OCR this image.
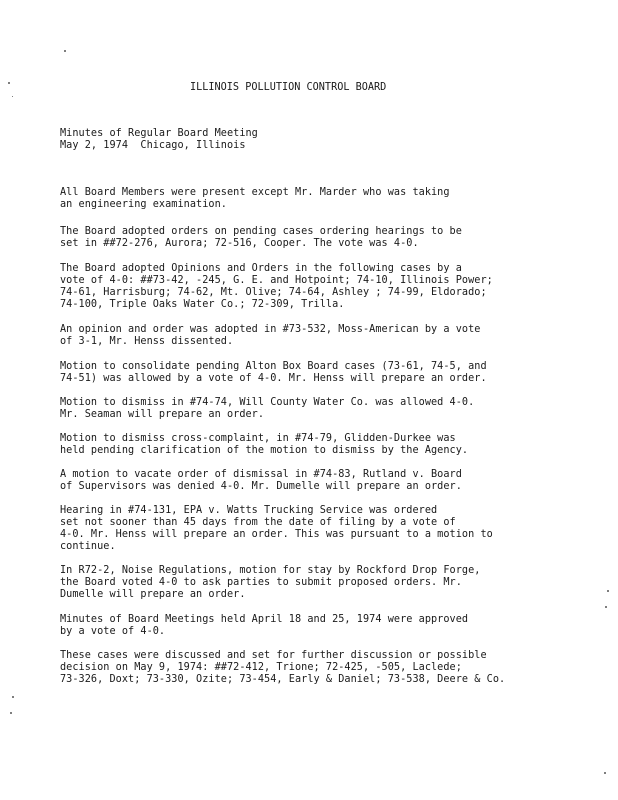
ILLINOIS POLLUTION CONTROL BOARD
Minutes of Regular Board Meeting
May 2, 1974  Chicago, Illinois
All Board Members were present except Mr. Marder who was taking
an engineering examination.
The Board adopted orders on pending cases ordering hearings to be
set in ##72-276, Aurora; 72-516, Cooper. The vote was 4-0.
The Board adopted Opinions and Orders in the following cases by a
vote of 4-0: ##73-42, -245, G. E. and Hotpoint; 74-10, Illinois Power;
74-61, Harrisburg; 74-62, Mt. Olive; 74-64, Ashley ; 74-99, Eldorado;
74-100, Triple Oaks Water Co.; 72-309, Trilla.
An opinion and order was adopted in #73-532, Moss-American by a vote
of 3-1, Mr. Henss dissented.
Motion to consolidate pending Alton Box Board cases (73-61, 74-5, and
74-51) was allowed by a vote of 4-0. Mr. Henss will prepare an order.
Motion to dismiss in #74-74, Will County Water Co. was allowed 4-0.
Mr. Seaman will prepare an order.
Motion to dismiss cross-complaint, in #74-79, Glidden-Durkee was
held pending clarification of the motion to dismiss by the Agency.
A motion to vacate order of dismissal in #74-83, Rutland v. Board
of Supervisors was denied 4-0. Mr. Dumelle will prepare an order.
Hearing in #74-131, EPA v. Watts Trucking Service was ordered
set not sooner than 45 days from the date of filing by a vote of
4-0. Mr. Henss will prepare an order. This was pursuant to a motion to
continue.
In R72-2, Noise Regulations, motion for stay by Rockford Drop Forge,
the Board voted 4-0 to ask parties to submit proposed orders. Mr.
Dumelle will prepare an order.
Minutes of Board Meetings held April 18 and 25, 1974 were approved
by a vote of 4-0.
These cases were discussed and set for further discussion or possible
decision on May 9, 1974: ##72-412, Trione; 72-425, -505, Laclede;
73-326, Doxt; 73-330, Ozite; 73-454, Early & Daniel; 73-538, Deere & Co.
